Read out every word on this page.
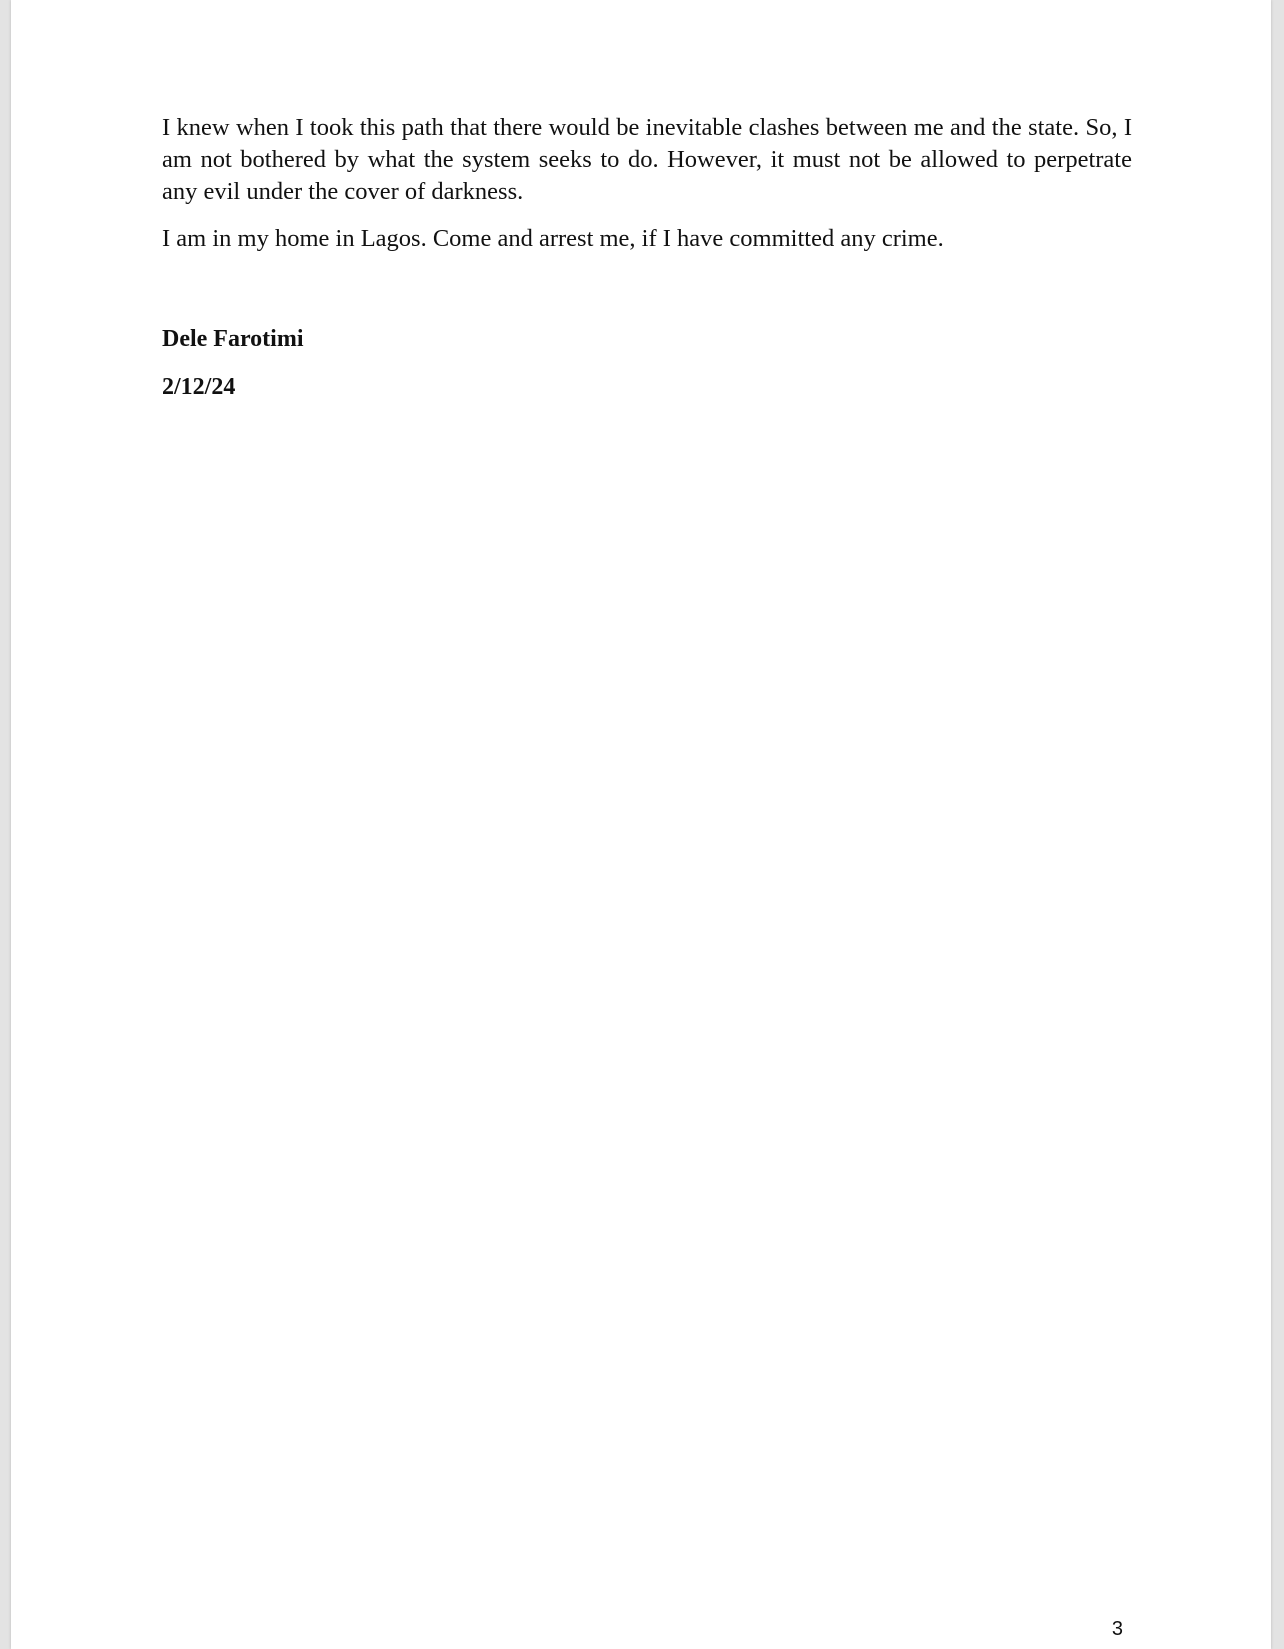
I knew when I took this path that there would be inevitable clashes between me and the state. So, I am not bothered by what the system seeks to do. However, it must not be allowed to perpetrate any evil under the cover of darkness.

I am in my home in Lagos. Come and arrest me, if I have committed any crime.

Dele Farotimi

2/12/24

3
